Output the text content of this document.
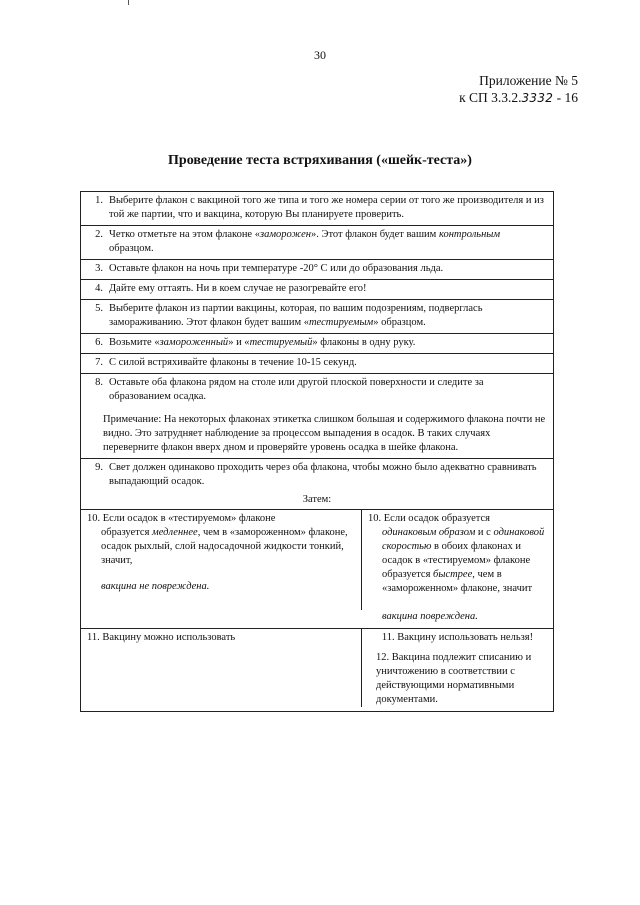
30
Приложение № 5
к СП 3.3.2.3332 - 16
Проведение теста встряхивания («шейк-теста»)
1. Выберите флакон с вакциной того же типа и того же номера серии от того же производителя и из той же партии, что и вакцина, которую Вы планируете проверить.
2. Четко отметьте на этом флаконе «заморожен». Этот флакон будет вашим контрольным образцом.
3. Оставьте флакон на ночь при температуре -20° С или до образования льда.
4. Дайте ему оттаять. Ни в коем случае не разогревайте его!
5. Выберите флакон из партии вакцины, которая, по вашим подозрениям, подверглась замораживанию. Этот флакон будет вашим «тестируемым» образцом.
6. Возьмите «замороженный» и «тестируемый» флаконы в одну руку.
7. С силой встряхивайте флаконы в течение 10-15 секунд.
8. Оставьте оба флакона рядом на столе или другой плоской поверхности и следите за образованием осадка.
Примечание: На некоторых флаконах этикетка слишком большая и содержимого флакона почти не видно. Это затрудняет наблюдение за процессом выпадения в осадок. В таких случаях переверните флакон вверх дном и проверяйте уровень осадка в шейке флакона.
9. Свет должен одинаково проходить через оба флакона, чтобы можно было адекватно сравнивать выпадающий осадок.
Затем:
10. Если осадок в «тестируемом» флаконе
образуется медленнее, чем в «замороженном» флаконе, осадок рыхлый, слой надосадочной жидкости тонкий, значит,
вакцина не повреждена.
10. Если осадок образуется
одинаковым образом и с одинаковой скоростью в обоих флаконах и осадок в «тестируемом» флаконе образуется быстрее, чем в «замороженном» флаконе, значит
вакцина повреждена.
11. Вакцину можно использовать	11. Вакцину использовать нельзя!
12. Вакцина подлежит списанию и уничтожению в соответствии с действующими нормативными документами.
